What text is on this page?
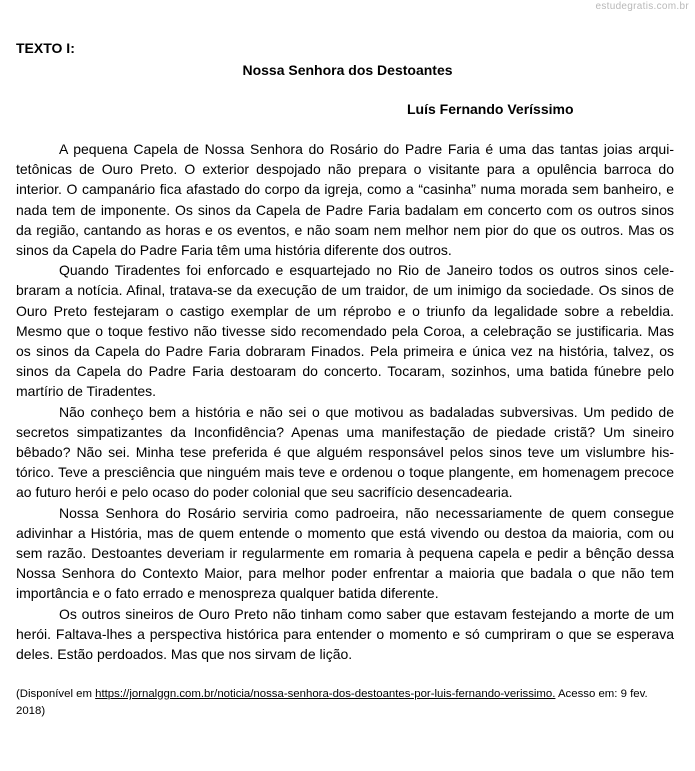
estudegratis.com.br
TEXTO I:
Nossa Senhora dos Destoantes
Luís Fernando Veríssimo

A pequena Capela de Nossa Senhora do Rosário do Padre Faria é uma das tantas joias arquitetônicas de Ouro Preto. O exterior despojado não prepara o visitante para a opulência barroca do interior. O campanário fica afastado do corpo da igreja, como a “casinha” numa morada sem banheiro, e nada tem de imponente. Os sinos da Capela de Padre Faria badalam em concerto com os outros sinos da região, cantando as horas e os eventos, e não soam nem melhor nem pior do que os outros. Mas os sinos da Capela do Padre Faria têm uma história diferente dos outros.

Quando Tiradentes foi enforcado e esquartejado no Rio de Janeiro todos os outros sinos celebraram a notícia. Afinal, tratava-se da execução de um traidor, de um inimigo da sociedade. Os sinos de Ouro Preto festejaram o castigo exemplar de um réprobo e o triunfo da legalidade sobre a rebeldia. Mesmo que o toque festivo não tivesse sido recomendado pela Coroa, a celebração se justificaria. Mas os sinos da Capela do Padre Faria dobraram Finados. Pela primeira e única vez na história, talvez, os sinos da Capela do Padre Faria destoaram do concerto. Tocaram, sozinhos, uma batida fúnebre pelo martírio de Tiradentes.

Não conheço bem a história e não sei o que motivou as badaladas subversivas. Um pedido de secretos simpatizantes da Inconfidência? Apenas uma manifestação de piedade cristã? Um sineiro bêbado? Não sei. Minha tese preferida é que alguém responsável pelos sinos teve um vislumbre histórico. Teve a presciência que ninguém mais teve e ordenou o toque plangente, em homenagem precoce ao futuro herói e pelo ocaso do poder colonial que seu sacrifício desencadearia.

Nossa Senhora do Rosário serviria como padroeira, não necessariamente de quem consegue adivinhar a História, mas de quem entende o momento que está vivendo ou destoa da maioria, com ou sem razão. Destoantes deveriam ir regularmente em romaria à pequena capela e pedir a bênção dessa Nossa Senhora do Contexto Maior, para melhor poder enfrentar a maioria que badala o que não tem importância e o fato errado e menospreza qualquer batida diferente.

Os outros sineiros de Ouro Preto não tinham como saber que estavam festejando a morte de um herói. Faltava-lhes a perspectiva histórica para entender o momento e só cumpriram o que se esperava deles. Estão perdoados. Mas que nos sirvam de lição.

(Disponível em https://jornalggn.com.br/noticia/nossa-senhora-dos-destoantes-por-luis-fernando-verissimo. Acesso em: 9 fev. 2018)
